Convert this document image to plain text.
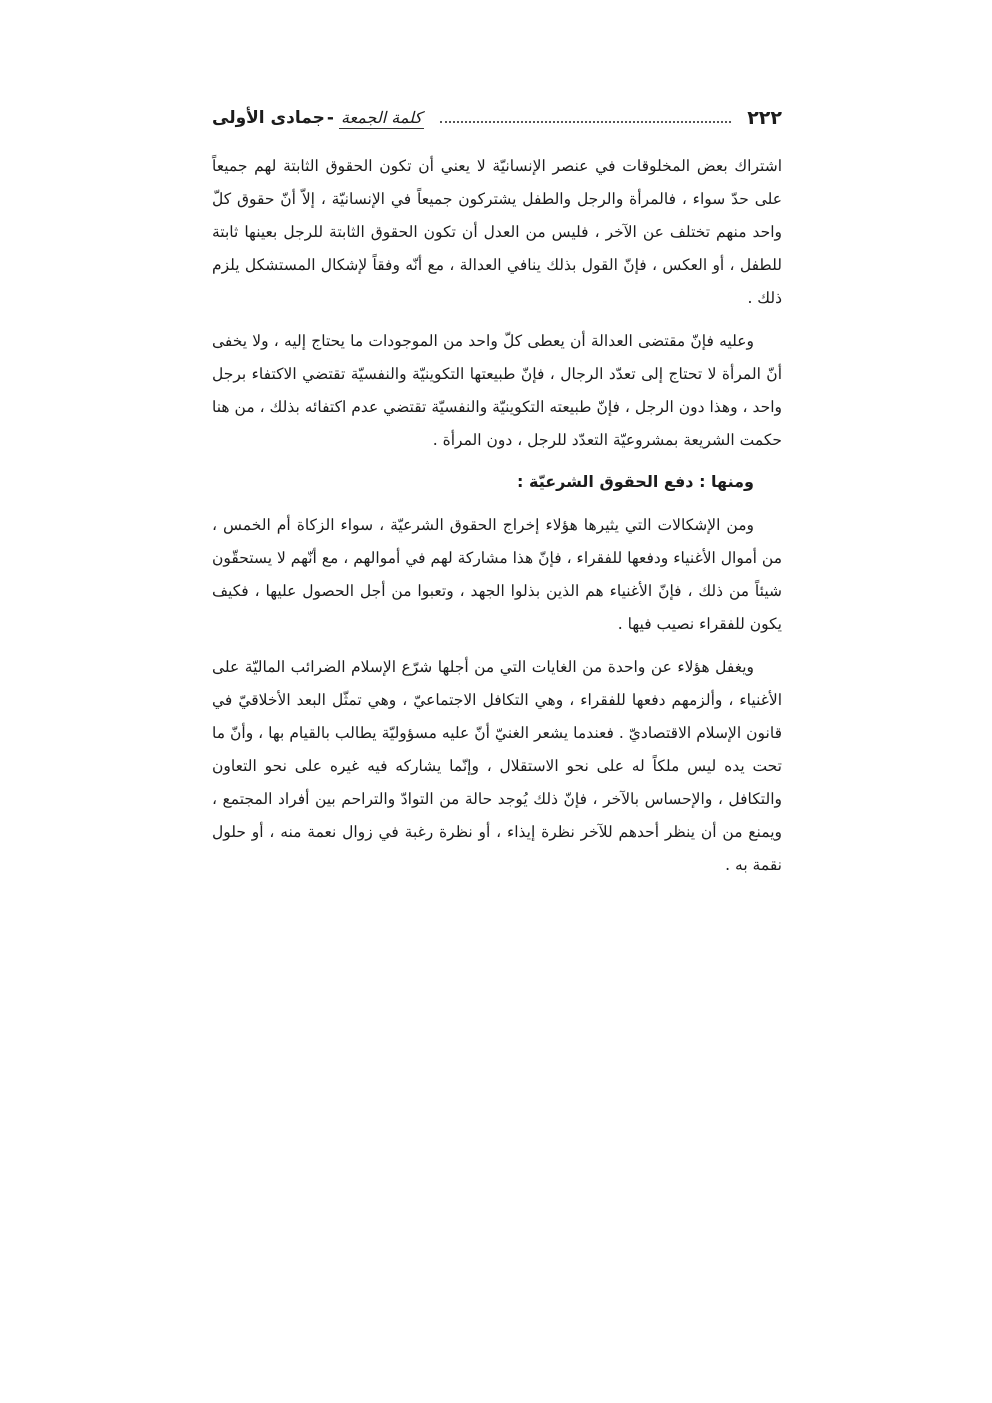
٢٢٢
كلمة الجمعة
-
جمادى الأولى

اشتراك بعض المخلوقات في عنصر الإنسانيّة لا يعني أن تكون الحقوق الثابتة لهم جميعاً على حدّ سواء ، فالمرأة والرجل والطفل يشتركون جميعاً في الإنسانيّة ، إلاّ أنّ حقوق كلّ واحد منهم تختلف عن الآخر ، فليس من العدل أن تكون الحقوق الثابتة للرجل بعينها ثابتة للطفل ، أو العكس ، فإنّ القول بذلك ينافي العدالة ، مع أنّه وفقاً لإشكال المستشكل يلزم ذلك .

وعليه فإنّ مقتضى العدالة أن يعطى كلّ واحد من الموجودات ما يحتاج إليه ، ولا يخفى أنّ المرأة لا تحتاج إلى تعدّد الرجال ، فإنّ طبيعتها التكوينيّة والنفسيّة تقتضي الاكتفاء برجل واحد ، وهذا دون الرجل ، فإنّ طبيعته التكوينيّة والنفسيّة تقتضي عدم اكتفائه بذلك ، من هنا حكمت الشريعة بمشروعيّة التعدّد للرجل ، دون المرأة .

ومنها : دفع الحقوق الشرعيّة :

ومن الإشكالات التي يثيرها هؤلاء إخراج الحقوق الشرعيّة ، سواء الزكاة أم الخمس ، من أموال الأغنياء ودفعها للفقراء ، فإنّ هذا مشاركة لهم في أموالهم ، مع أنّهم لا يستحقّون شيئاً من ذلك ، فإنّ الأغنياء هم الذين بذلوا الجهد ، وتعبوا من أجل الحصول عليها ، فكيف يكون للفقراء نصيب فيها .

ويغفل هؤلاء عن واحدة من الغايات التي من أجلها شرّع الإسلام الضرائب الماليّة على الأغنياء ، وألزمهم دفعها للفقراء ، وهي التكافل الاجتماعيّ ، وهي تمثّل البعد الأخلاقيّ في قانون الإسلام الاقتصاديّ . فعندما يشعر الغنيّ أنّ عليه مسؤوليّة يطالب بالقيام بها ، وأنّ ما تحت يده ليس ملكاً له على نحو الاستقلال ، وإنّما يشاركه فيه غيره على نحو التعاون والتكافل ، والإحساس بالآخر ، فإنّ ذلك يُوجد حالة من التوادّ والتراحم بين أفراد المجتمع ، ويمنع من أن ينظر أحدهم للآخر نظرة إيذاء ، أو نظرة رغبة في زوال نعمة منه ، أو حلول نقمة به .
